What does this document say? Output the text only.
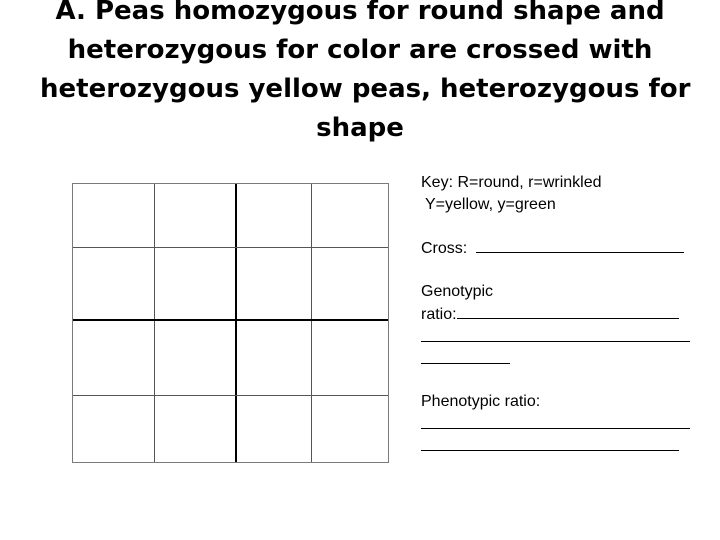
A. Peas homozygous for round shape and
heterozygous for color are crossed with
heterozygous yellow peas, heterozygous for
shape

Key: R=round, r=wrinkled

Y=yellow, y=green

Cross:

Genotypic

ratio:

Phenotypic ratio:
